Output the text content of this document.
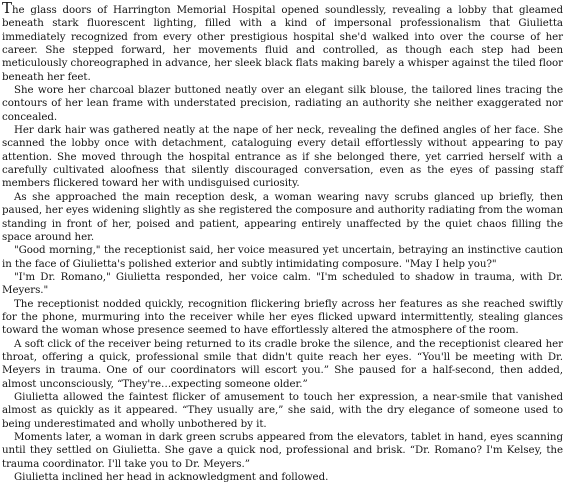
The glass doors of Harrington Memorial Hospital opened soundlessly, revealing a lobby that gleamed beneath stark fluorescent lighting, filled with a kind of impersonal professionalism that Giulietta immediately recognized from every other prestigious hospital she'd walked into over the course of her career. She stepped forward, her movements fluid and controlled, as though each step had been meticulously choreographed in advance, her sleek black flats making barely a whisper against the tiled floor beneath her feet.

She wore her charcoal blazer buttoned neatly over an elegant silk blouse, the tailored lines tracing the contours of her lean frame with understated precision, radiating an authority she neither exaggerated nor concealed.

Her dark hair was gathered neatly at the nape of her neck, revealing the defined angles of her face. She scanned the lobby once with detachment, cataloguing every detail effortlessly without appearing to pay attention. She moved through the hospital entrance as if she belonged there, yet carried herself with a carefully cultivated aloofness that silently discouraged conversation, even as the eyes of passing staff members flickered toward her with undisguised curiosity.

As she approached the main reception desk, a woman wearing navy scrubs glanced up briefly, then paused, her eyes widening slightly as she registered the composure and authority radiating from the woman standing in front of her, poised and patient, appearing entirely unaffected by the quiet chaos filling the space around her.

"Good morning," the receptionist said, her voice measured yet uncertain, betraying an instinctive caution in the face of Giulietta's polished exterior and subtly intimidating composure. "May I help you?"

"I'm Dr. Romano," Giulietta responded, her voice calm. "I'm scheduled to shadow in trauma, with Dr. Meyers."

The receptionist nodded quickly, recognition flickering briefly across her features as she reached swiftly for the phone, murmuring into the receiver while her eyes flicked upward intermittently, stealing glances toward the woman whose presence seemed to have effortlessly altered the atmosphere of the room.

A soft click of the receiver being returned to its cradle broke the silence, and the receptionist cleared her throat, offering a quick, professional smile that didn't quite reach her eyes. “You'll be meeting with Dr. Meyers in trauma. One of our coordinators will escort you.” She paused for a half-second, then added, almost unconsciously, “They're…expecting someone older.”

Giulietta allowed the faintest flicker of amusement to touch her expression, a near-smile that vanished almost as quickly as it appeared. “They usually are,” she said, with the dry elegance of someone used to being underestimated and wholly unbothered by it.

Moments later, a woman in dark green scrubs appeared from the elevators, tablet in hand, eyes scanning until they settled on Giulietta. She gave a quick nod, professional and brisk. “Dr. Romano? I'm Kelsey, the trauma coordinator. I'll take you to Dr. Meyers.”

Giulietta inclined her head in acknowledgment and followed.
